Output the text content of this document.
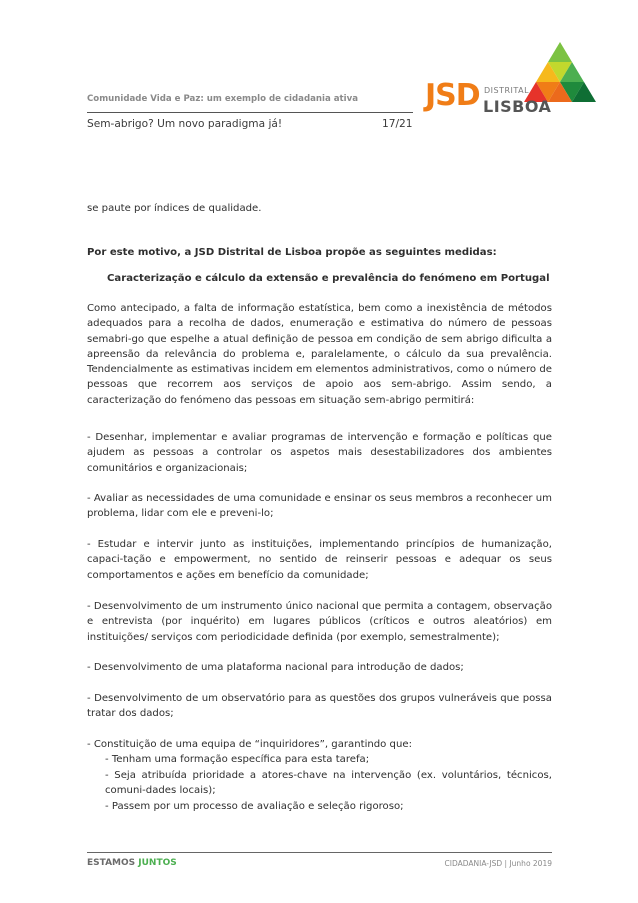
Comunidade Vida e Paz: um exemplo de cidadania ativa
Sem-abrigo? Um novo paradigma já!	17/21
JSD DISTRITAL
LISBOA

se paute por índices de qualidade.

Por este motivo, a JSD Distrital de Lisboa propõe as seguintes medidas:

Caracterização e cálculo da extensão e prevalência do fenómeno em Portugal

Como antecipado, a falta de informação estatística, bem como a inexistência de métodos adequados para a recolha de dados, enumeração e estimativa do número de pessoas semabri-go que espelhe a atual definição de pessoa em condição de sem abrigo dificulta a apreensão da relevância do problema e, paralelamente, o cálculo da sua prevalência. Tendencialmente as estimativas incidem em elementos administrativos, como o número de pessoas que recorrem aos serviços de apoio aos sem-abrigo. Assim sendo, a caracterização do fenómeno das pessoas em situação sem-abrigo permitirá:

- Desenhar, implementar e avaliar programas de intervenção e formação e políticas que ajudem as pessoas a controlar os aspetos mais desestabilizadores dos ambientes comunitários e organizacionais;

- Avaliar as necessidades de uma comunidade e ensinar os seus membros a reconhecer um problema, lidar com ele e preveni-lo;

- Estudar e intervir junto as instituições, implementando princípios de humanização, capaci-tação e empowerment, no sentido de reinserir pessoas e adequar os seus comportamentos e ações em benefício da comunidade;

- Desenvolvimento de um instrumento único nacional que permita a contagem, observação e entrevista (por inquérito) em lugares públicos (críticos e outros aleatórios) em instituições/ serviços com periodicidade definida (por exemplo, semestralmente);

- Desenvolvimento de uma plataforma nacional para introdução de dados;

- Desenvolvimento de um observatório para as questões dos grupos vulneráveis que possa tratar dos dados;

- Constituição de uma equipa de “inquiridores”, garantindo que:

- Tenham uma formação específica para esta tarefa;

- Seja atribuída prioridade a atores-chave na intervenção (ex. voluntários, técnicos, comuni-dades locais);

- Passem por um processo de avaliação e seleção rigoroso;

ESTAMOS JUNTOS	CIDADANIA-JSD | Junho 2019
